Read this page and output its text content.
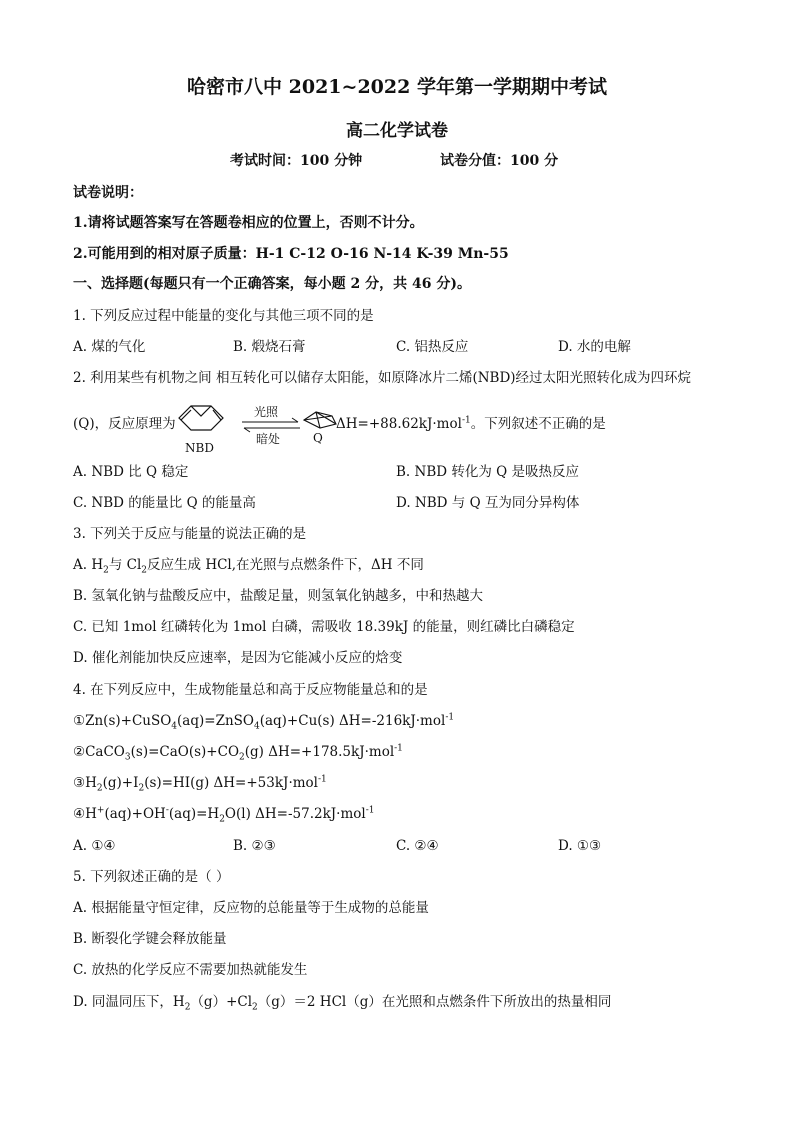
哈密市八中 2021~2022 学年第一学期期中考试
高二化学试卷
考试时间：100 分钟	试卷分值：100 分
试卷说明：
1.请将试题答案写在答题卷相应的位置上，否则不计分。
2.可能用到的相对原子质量：H-1 C-12 O-16 N-14 K-39 Mn-55
一、选择题(每题只有一个正确答案，每小题 2 分，共 46 分)。
1. 下列反应过程中能量的变化与其他三项不同的是
A. 煤的气化	B. 煅烧石膏	C. 铝热反应	D. 水的电解
2. 利用某些有机物之间 相互转化可以储存太阳能，如原降冰片二烯(NBD)经过太阳光照转化成为四环烷
(Q)，反应原理为
NBD
光照
暗处	Q
ΔH=+88.62kJ·mol$^{-1}$。下列叙述不正确的是
A. NBD 比 Q 稳定	B. NBD 转化为 Q 是吸热反应
C. NBD 的能量比 Q 的能量高	D. NBD 与 Q 互为同分异构体
3. 下列关于反应与能量的说法正确的是
A. $H_2$与 $Cl_2$反应生成 HCl,在光照与点燃条件下，ΔH 不同
B. 氢氧化钠与盐酸反应中，盐酸足量，则氢氧化钠越多，中和热越大
C. 已知 1mol 红磷转化为 1mol 白磷，需吸收 18.39kJ 的能量，则红磷比白磷稳定
D. 催化剂能加快反应速率，是因为它能减小反应的焓变
4. 在下列反应中，生成物能量总和高于反应物能量总和的是
①Zn(s)+CuSO$_4$(aq)=ZnSO$_4$(aq)+Cu(s) ΔH=-216kJ·mol$^{-1}$
$②CaCO_3(s)=CaO(s)+CO_2(g)$ ΔH=+178.5kJ·mol$^{-1}$
$③H_2(g)+I_2(s)=HI(g)$ ΔH=+53kJ·mol$^{-1}$
$④H^+(aq)+OH^-(aq)=H_2O(l)$ ΔH=-57.2kJ·mol$^{-1}$
A. ①④	B. ②③	C. ②④	D. ①③
5. 下列叙述正确的是（ ）
A. 根据能量守恒定律，反应物的总能量等于生成物的总能量
B. 断裂化学键会释放能量
C. 放热的化学反应不需要加热就能发生
D. 同温同压下，$H_2(g)+Cl_2(g)=2$ HCl（g）在光照和点燃条件下所放出的热量相同
